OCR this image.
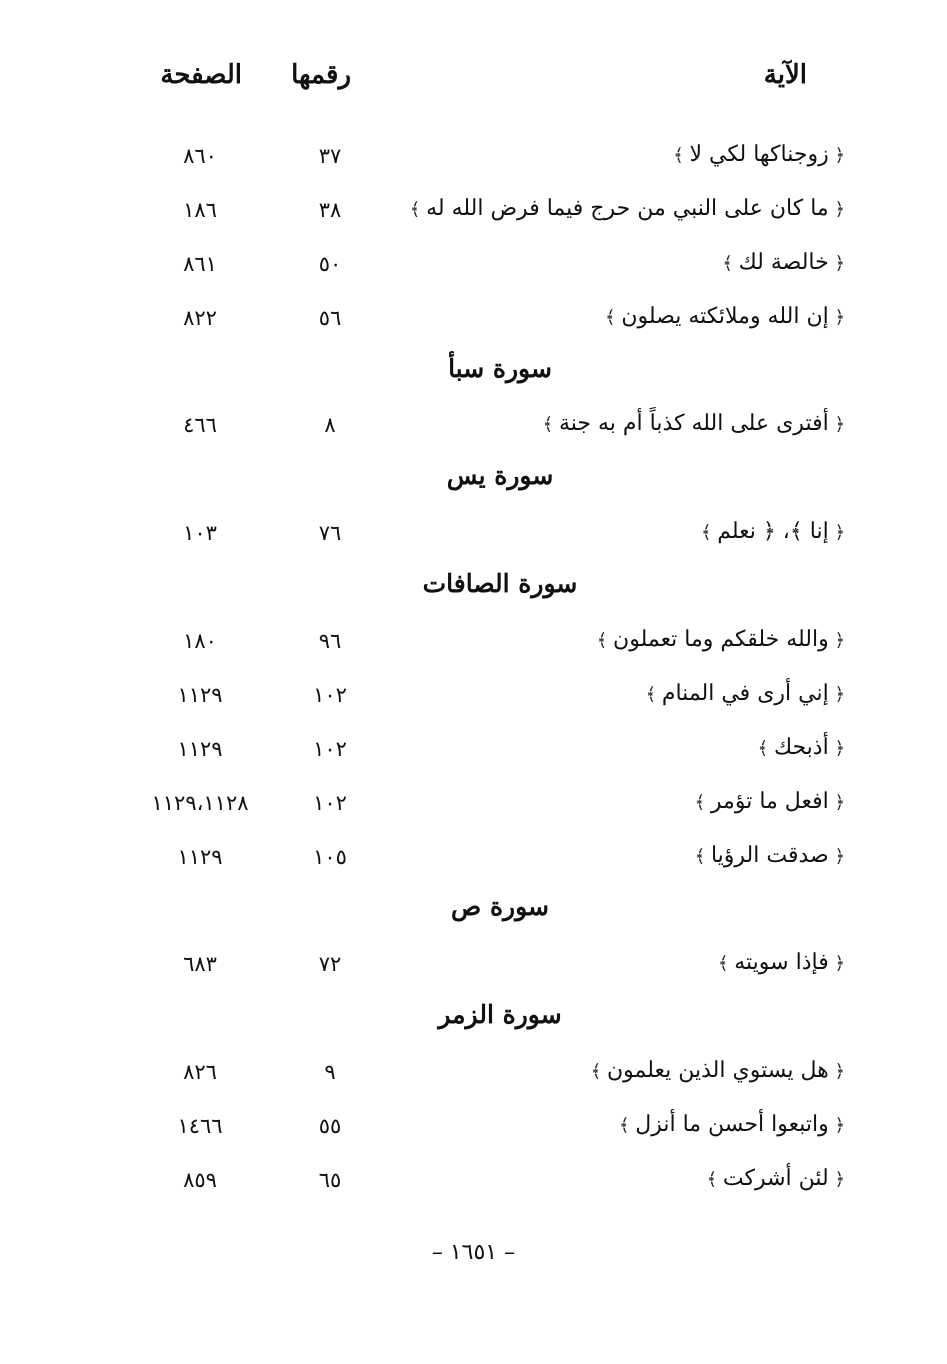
الآية
رقمها
الصفحة
﴿ زوجناكها لكي لا ﴾
٣٧
٨٦٠
﴿ ما كان على النبي من حرج فيما فرض الله له ﴾
٣٨
١٨٦
﴿ خالصة لك ﴾
٥٠
٨٦١
﴿ إن الله وملائكته يصلون ﴾
٥٦
٨٢٢
سورة سبأ
﴿ أفترى على الله كذباً أم به جنة ﴾
٨
٤٦٦
سورة يس
﴿ إنا ﴾، ﴿ نعلم ﴾
٧٦
١٠٣
سورة الصافات
﴿ والله خلقكم وما تعملون ﴾
٩٦
١٨٠
﴿ إني أرى في المنام ﴾
١٠٢
١١٢٩
﴿ أذبحك ﴾
١٠٢
١١٢٩
﴿ افعل ما تؤمر ﴾
١٠٢
١١٢٩،١١٢٨
﴿ صدقت الرؤيا ﴾
١٠٥
١١٢٩
سورة ص
﴿ فإذا سويته ﴾
٧٢
٦٨٣
سورة الزمر
﴿ هل يستوي الذين يعلمون ﴾
٩
٨٢٦
﴿ واتبعوا أحسن ما أنزل ﴾
٥٥
١٤٦٦
﴿ لئن أشركت ﴾
٦٥
٨٥٩
– ١٦٥١ –
